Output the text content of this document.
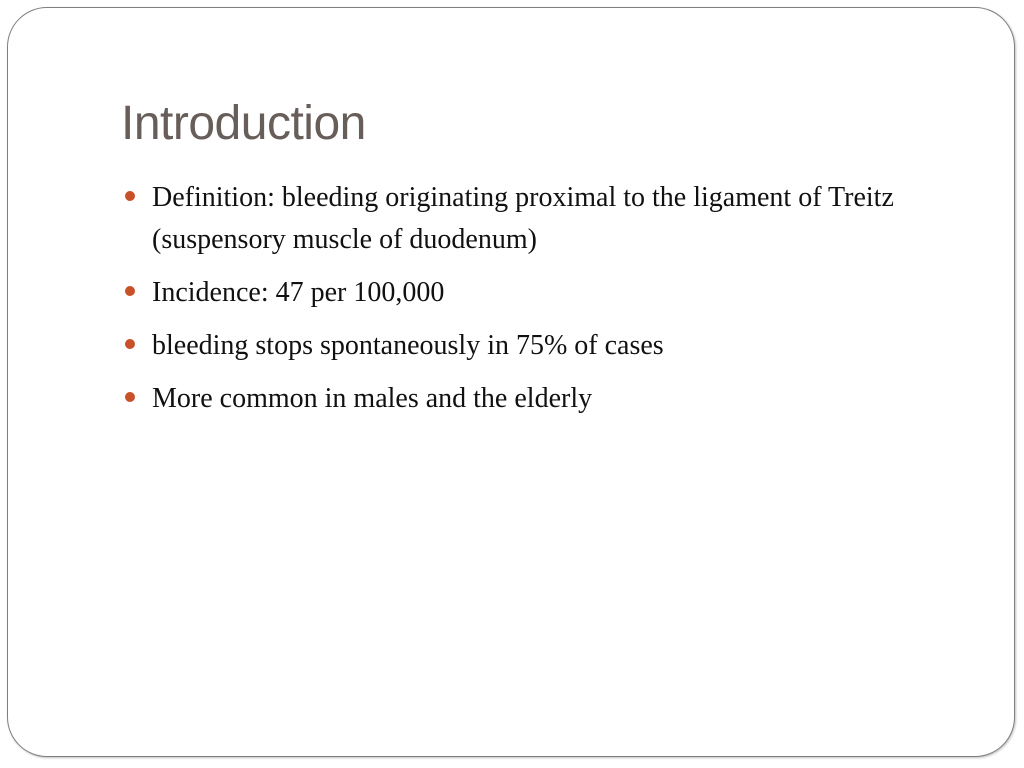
Introduction
Definition: bleeding originating proximal to the ligament of Treitz (suspensory muscle of duodenum)
Incidence: 47 per 100,000
bleeding stops spontaneously in 75% of cases
More common in males and the elderly
